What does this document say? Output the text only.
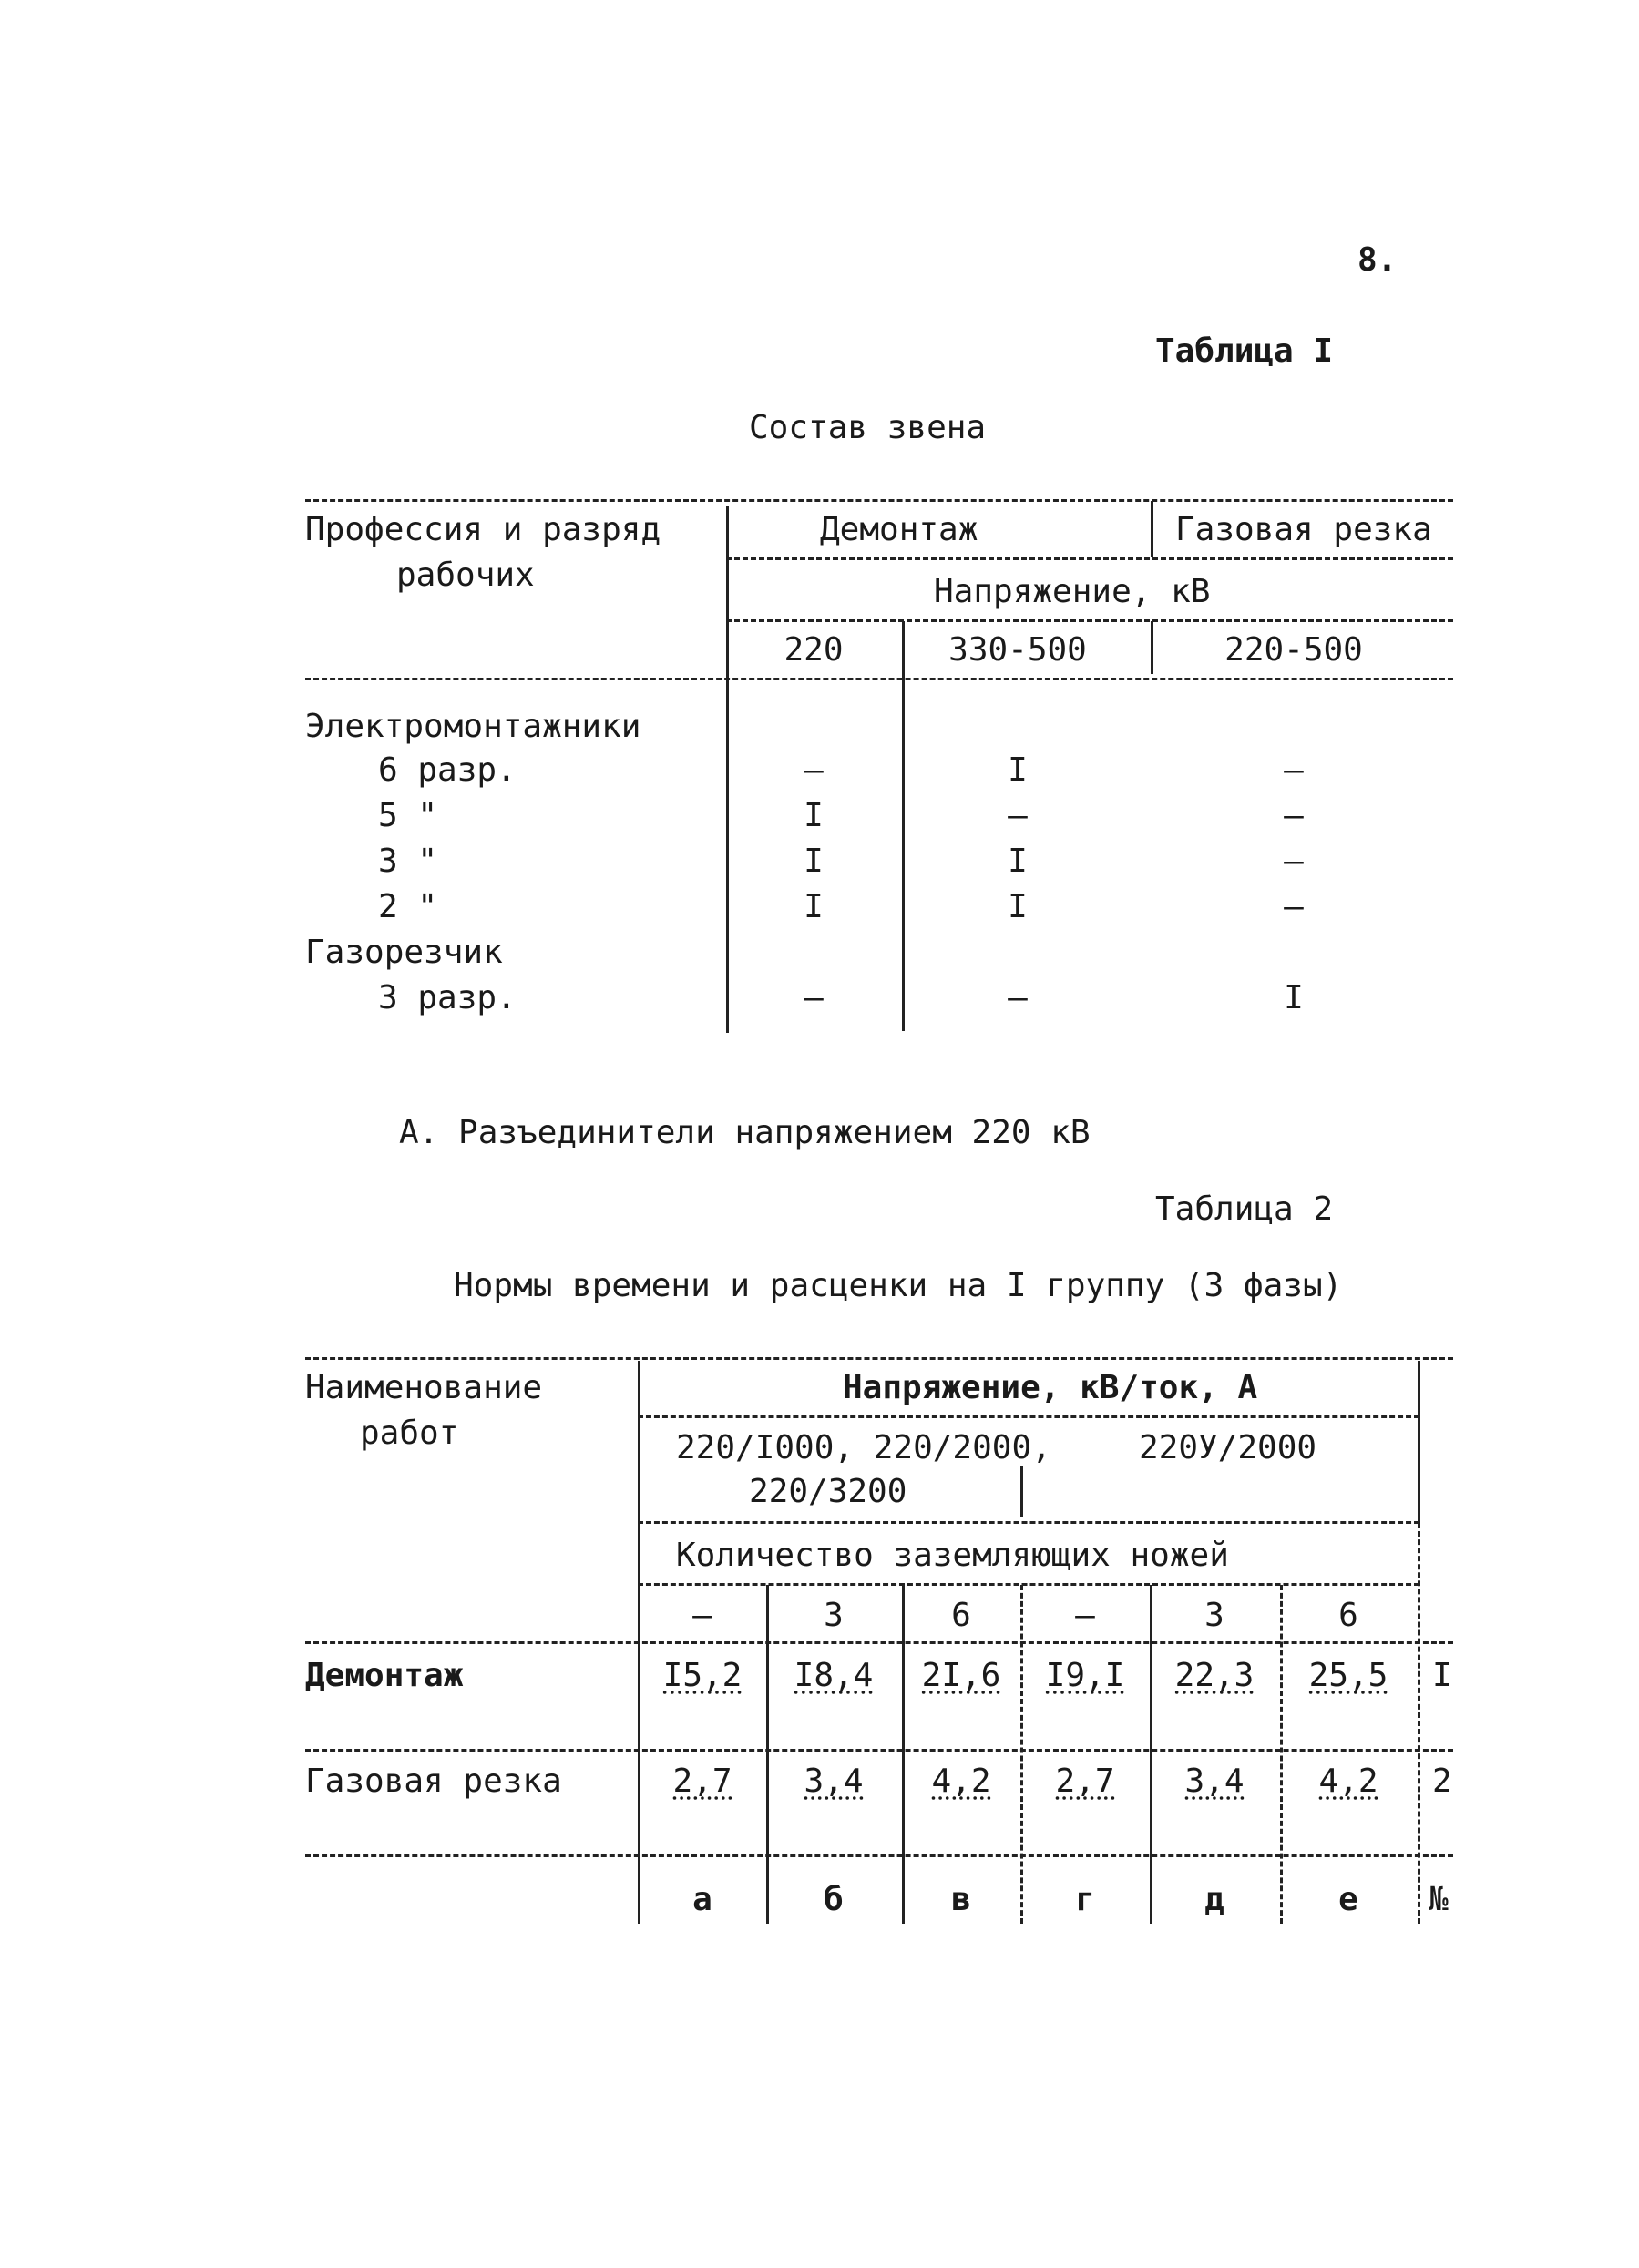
8.
Таблица I
Состав звена
Профессия и разряд
рабочих
Демонтаж	Газовая резка
Напряжение, кВ
220	330-500	220-500
Электромонтажники
6 разр.	–	I	–
5 "	I	–	–
3 "	I	I	–
2 "	I	I	–
Газорезчик
3 разр.	–	–	I
А. Разъединители напряжением 220 кВ
Таблица 2
Нормы времени и расценки на I группу (3 фазы)
Наименование
работ
Напряжение, кВ/ток, А
220/I000, 220/2000,
220/3200
220У/2000
Количество заземляющих ножей
–	3	6	–	3	6
Демонтаж	I5,2 I8,4 2I,6 I9,I 22,3 25,5 I
Газовая резка	2,7 3,4 4,2 2,7 3,4 4,2 2
а	б	в	г	д	е №
